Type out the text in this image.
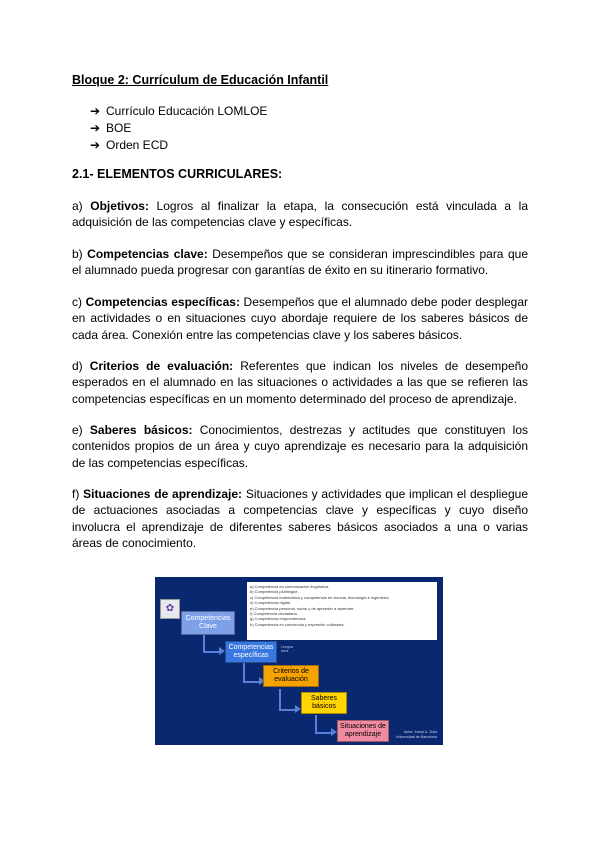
Bloque 2: Currículum de Educación Infantil
➔ Currículo Educación LOMLOE
➔ BOE
➔ Orden ECD
2.1- ELEMENTOS CURRICULARES:
a) Objetivos: Logros al finalizar la etapa, la consecución está vinculada a la adquisición de las competencias clave y específicas.
b) Competencias clave: Desempeños que se consideran imprescindibles para que el alumnado pueda progresar con garantías de éxito en su itinerario formativo.
c) Competencias específicas: Desempeños que el alumnado debe poder desplegar en actividades o en situaciones cuyo abordaje requiere de los saberes básicos de cada área. Conexión entre las competencias clave y los saberes básicos.
d) Criterios de evaluación: Referentes que indican los niveles de desempeño esperados en el alumnado en las situaciones o actividades a las que se refieren las competencias específicas en un momento determinado del proceso de aprendizaje.
e) Saberes básicos: Conocimientos, destrezas y actitudes que constituyen los contenidos propios de un área y cuyo aprendizaje es necesario para la adquisición de las competencias específicas.
f) Situaciones de aprendizaje: Situaciones y actividades que implican el despliegue de actuaciones asociadas a competencias clave y específicas y cuyo diseño involucra el aprendizaje de diferentes saberes básicos asociados a una o varias áreas de conocimiento.
✿
a) Competencia en comunicación lingüística.
b) Competencia plurilingüe.
c) Competencia matemática y competencia en ciencia, tecnología e ingeniería.
d) Competencia digital.
e) Competencia personal, social y de aprender a aprender.
f) Competencia ciudadana.
g) Competencia emprendedora.
h) Competencia en conciencia y expresión culturales.
Competencias Clave
Competencias específicas
Criterios de evaluación
Saberes básicos
Situaciones de aprendizaje
Lengua
área
Autor: Josep A. Zulla
Universidad de Barcelona
